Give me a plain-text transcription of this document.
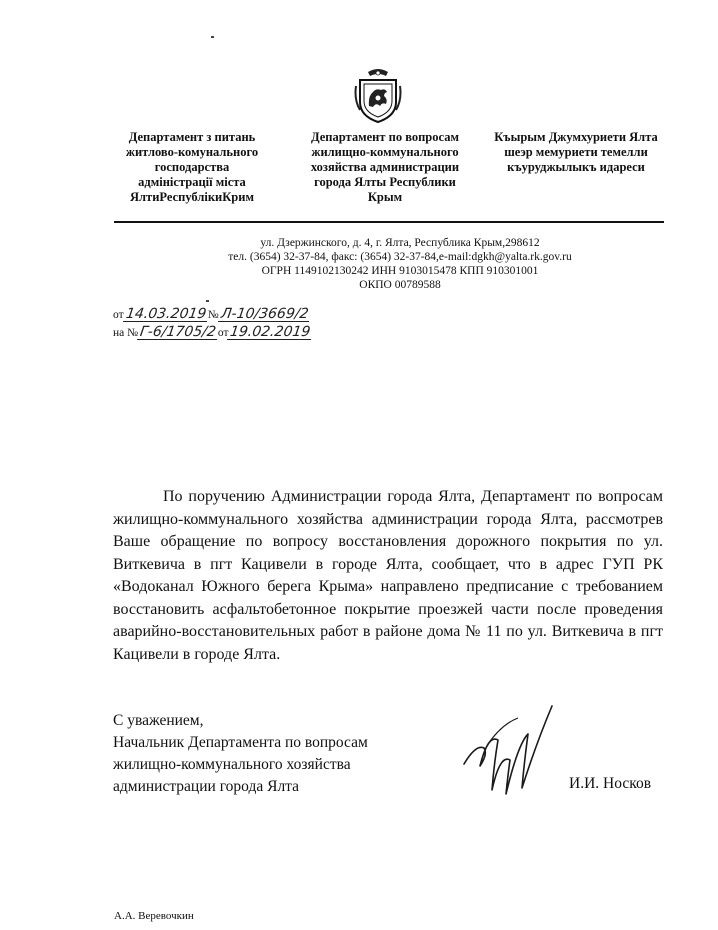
Департамент з питань
житлово-комунального
господарства
адміністрації міста
ЯлтиРеспублікиКрим
Департамент по вопросам
жилищно-коммунального
хозяйства администрации
города Ялты Республики
Крым
Къырым Джумхуриети Ялта
шеэр мемуриети темелли
къуруджылыкъ идареси
ул. Дзержинского, д. 4, г. Ялта, Республика Крым,298612
тел. (3654) 32-37-84, факс: (3654) 32-37-84,e-mail:dgkh@yalta.rk.gov.ru
ОГРН 1149102130242 ИНН 9103015478 КПП 910301001
ОКПО 00789588
от14.03.2019№Л-10/3669/2
на №Г-6/1705/2от19.02.2019

По поручению Администрации города Ялта, Департамент по вопросам жилищно-коммунального хозяйства администрации города Ялта, рассмотрев Ваше обращение по вопросу восстановления дорожного покрытия по ул. Виткевича в пгт Кацивели в городе Ялта, сообщает, что в адрес ГУП РК «Водоканал Южного берега Крыма» направлено предписание с требованием восстановить асфальтобетонное покрытие проезжей части после проведения аварийно-восстановительных работ в районе дома № 11 по ул. Виткевича в пгт Кацивели в городе Ялта.

С уважением,
Начальник Департамента по вопросам
жилищно-коммунального хозяйства
администрации города Ялта	И.И. Носков
А.А. Веревочкин
